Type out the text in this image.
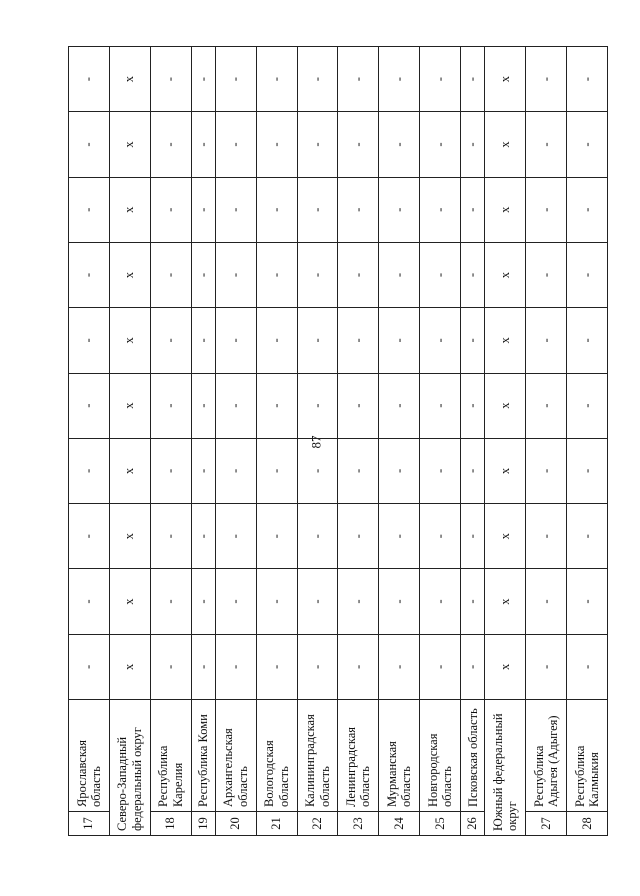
87
17	Ярославская область	-	-	-	-	-	-	-	-	-	-
Северо-Западный федеральный округ		x	x	x	x	x	x	x	x	x	x
18	Республика Карелия	-	-	-	-	-	-	-	-	-	-
19	Республика Коми	-	-	-	-	-	-	-	-	-	-
20	Архангельская область	-	-	-	-	-	-	-	-	-	-
21	Вологодская область	-	-	-	-	-	-	-	-	-	-
22	Калининградская область	-	-	-	-	-	-	-	-	-	-
23	Ленинградская область	-	-	-	-	-	-	-	-	-	-
24	Мурманская область	-	-	-	-	-	-	-	-	-	-
25	Новгородская область	-	-	-	-	-	-	-	-	-	-
26	Псковская область	-	-	-	-	-	-	-	-	-	-
Южный федеральный округ		x	x	x	x	x	x	x	x	x	x
27	Республика Адыгея (Адыгея)	-	-	-	-	-	-	-	-	-	-
28	Республика Калмыкия	-	-	-	-	-	-	-	-	-	-
